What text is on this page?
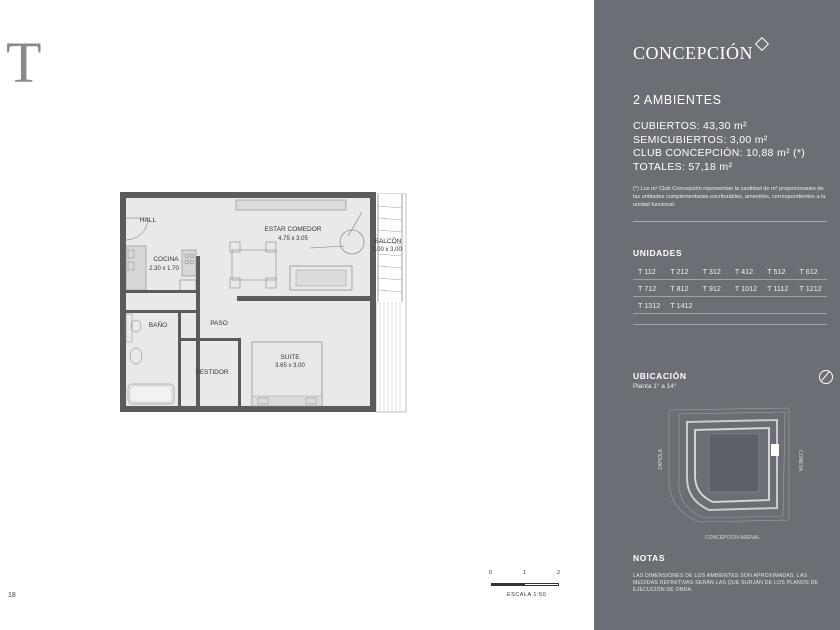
T
HALL
COCINA
2.30 x 1.70
ESTAR COMEDOR
4.75 x 3.05	BALCÓN
1.00 x 3.00
BAÑO	PASO
VESTIDOR
SUITE
3.65 x 3.00
0	1	2
ESCALA 1:50
18
CONCEPCIÓN
2 AMBIENTES
CUBIERTOS: 43,30 m²
SEMICUBIERTOS: 3,00 m²
CLUB CONCEPCIÓN: 10,88 m² (*)
TOTALES: 57,18 m²
(*) Los m² Club Concepción representan la cantidad de m² proporcionales de las unidades complementarias escriturables, amenities, correspondientes a la unidad funcional.
UNIDADES
T 112	T 212	T 312	T 412	T 512	T 612
T 712	T 812	T 912	T 1012	T 1112	T 1212
T 1312	T 1412
UBICACIÓN
Planta 1° a 14°
ZAPIOLA	CONESA
CONCEPCIÓN ARENAL
NOTAS
LAS DIMENSIONES DE LOS AMBIENTES SON APROXIMADAS. LAS MEDIDAS DEFINITIVAS SERÁN LAS QUE SURJAN DE LOS PLANOS DE EJECUCIÓN DE OBRA.
